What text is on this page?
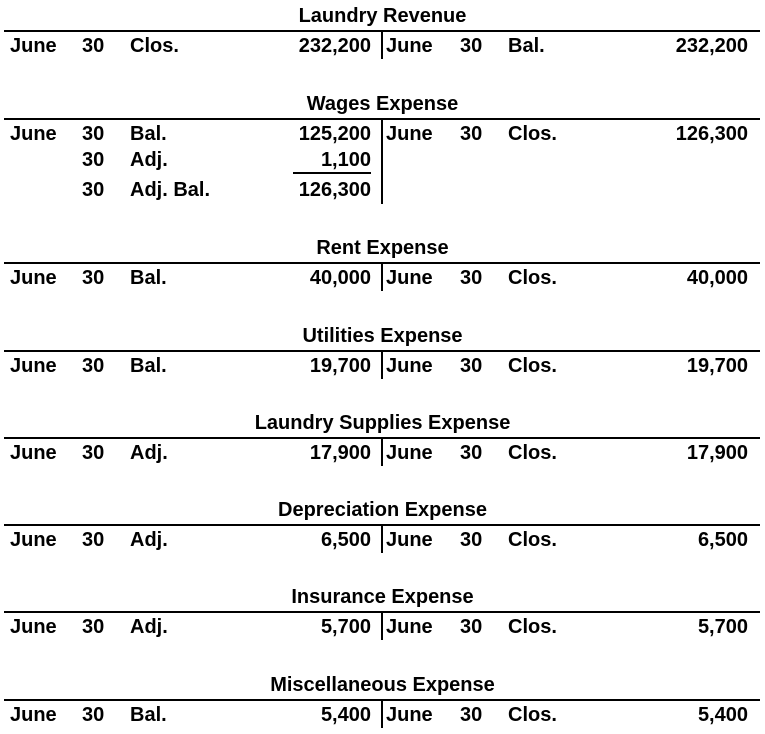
Laundry Revenue
June 30 Clos.	232,200 June 30 Bal.	232,200
Wages Expense
June 30 Bal.	125,200 June 30 Clos.	126,300
30 Adj.	1,100
30 Adj. Bal.	126,300
Rent Expense
June 30 Bal.	40,000 June 30 Clos.	40,000
Utilities Expense
June 30 Bal.	19,700 June 30 Clos.	19,700
Laundry Supplies Expense
June 30 Adj.	17,900 June 30 Clos.	17,900
Depreciation Expense
June 30 Adj.	6,500 June 30 Clos.	6,500
Insurance Expense
June 30 Adj.	5,700 June 30 Clos.	5,700
Miscellaneous Expense
June 30 Bal.	5,400 June 30 Clos.	5,400
